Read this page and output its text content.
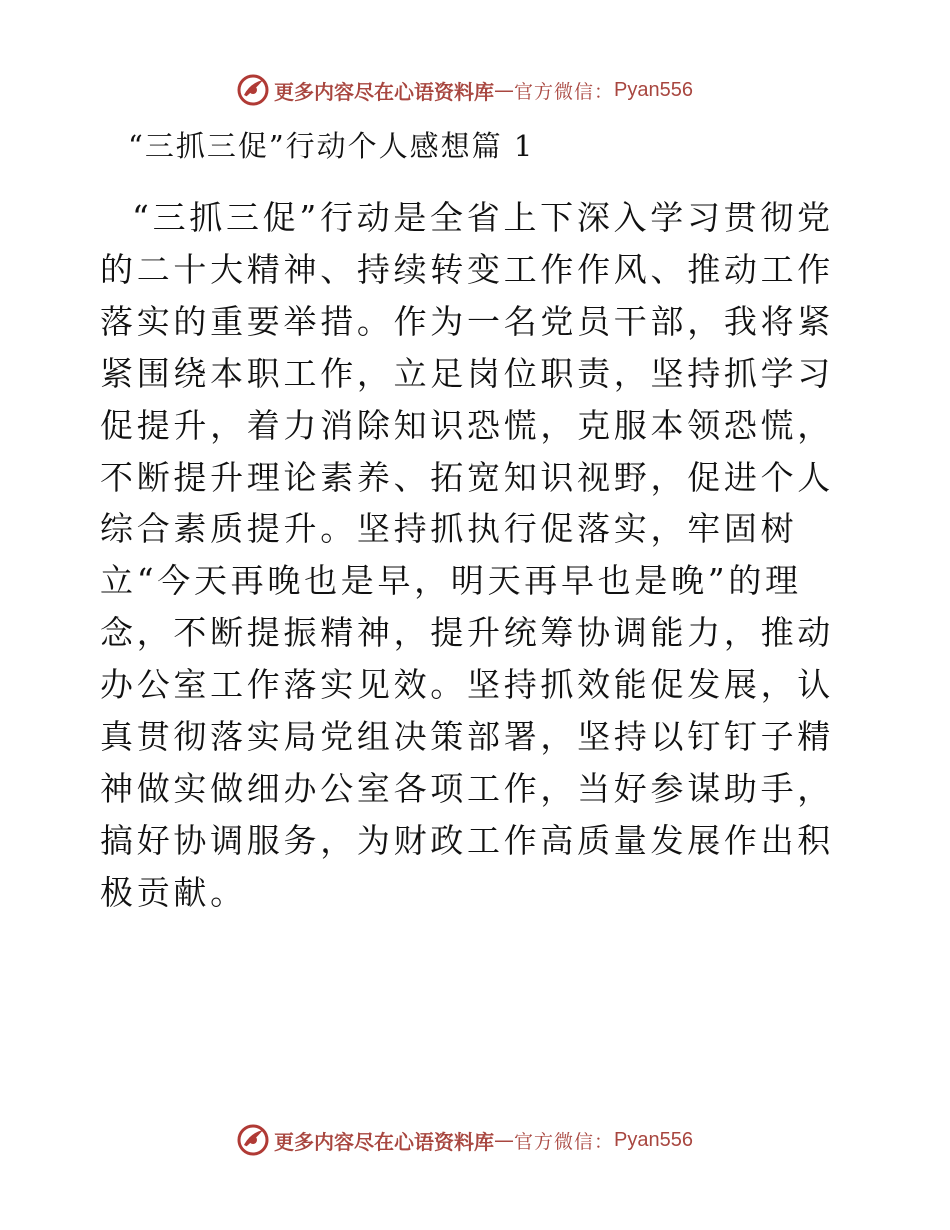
更多内容尽在心语资料库 — 官方微信： Pyan556
“三抓三促”行动个人感想篇 1

“三抓三促”行动是全省上下深入学习贯彻党的二十大精神、持续转变工作作风、推动工作落实的重要举措。作为一名党员干部，我将紧紧围绕本职工作，立足岗位职责，坚持抓学习促提升，着力消除知识恐慌，克服本领恐慌，不断提升理论素养、拓宽知识视野，促进个人综合素质提升。坚持抓执行促落实，牢固树立“今天再晚也是早，明天再早也是晚”的理念，不断提振精神，提升统筹协调能力，推动办公室工作落实见效。坚持抓效能促发展，认真贯彻落实局党组决策部署，坚持以钉钉子精神做实做细办公室各项工作，当好参谋助手，搞好协调服务，为财政工作高质量发展作出积极贡献。

更多内容尽在心语资料库 — 官方微信： Pyan556
